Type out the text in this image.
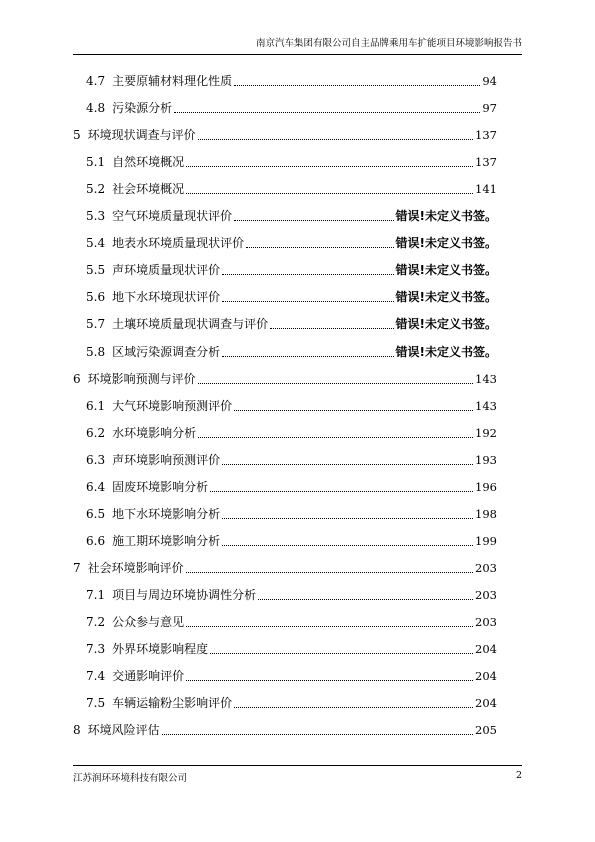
南京汽车集团有限公司自主品牌乘用车扩能项目环境影响报告书
4.7 主要原辅材料理化性质	94
4.8 污染源分析	97
5 环境现状调查与评价	137
5.1 自然环境概况	137
5.2 社会环境概况	141
5.3 空气环境质量现状评价	错误!未定义书签。
5.4 地表水环境质量现状评价	错误!未定义书签。
5.5 声环境质量现状评价	错误!未定义书签。
5.6 地下水环境现状评价	错误!未定义书签。
5.7 土壤环境质量现状调查与评价	错误!未定义书签。
5.8 区域污染源调查分析	错误!未定义书签。
6 环境影响预测与评价	143
6.1 大气环境影响预测评价	143
6.2 水环境影响分析	192
6.3 声环境影响预测评价	193
6.4 固废环境影响分析	196
6.5 地下水环境影响分析	198
6.6 施工期环境影响分析	199
7 社会环境影响评价	203
7.1 项目与周边环境协调性分析	203
7.2 公众参与意见	203
7.3 外界环境影响程度	204
7.4 交通影响评价	204
7.5 车辆运输粉尘影响评价	204
8 环境风险评估	205
江苏润环环境科技有限公司	2
